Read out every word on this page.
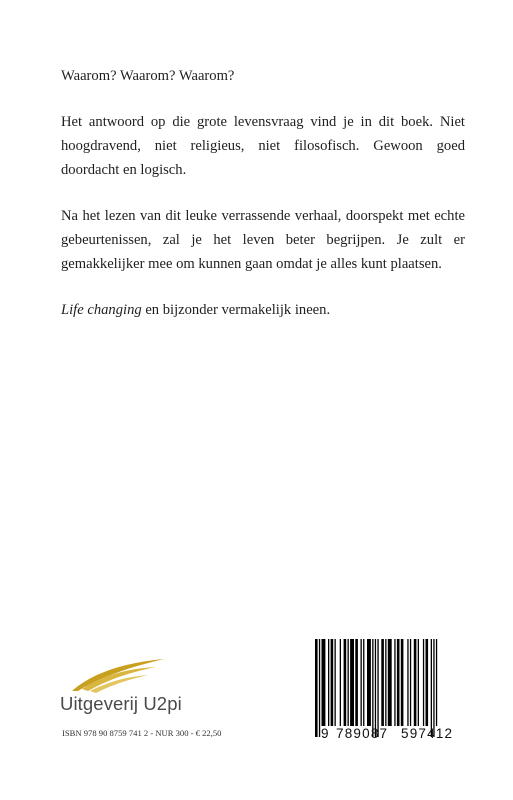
Waarom? Waarom? Waarom?

Het antwoord op die grote levensvraag vind je in dit boek. Niet hoogdravend, niet religieus, niet filosofisch. Gewoon goed doordacht en logisch.

Na het lezen van dit leuke verrassende verhaal, doorspekt met echte gebeurtenissen, zal je het leven beter begrijpen. Je zult er gemakkelijker mee om kunnen gaan omdat je alles kunt plaatsen.

Life changing en bijzonder vermakelijk ineen.

Uitgeverij U2pi
ISBN 978 90 8759 741 2 - NUR 300 - € 22,50	9 789087 597412
